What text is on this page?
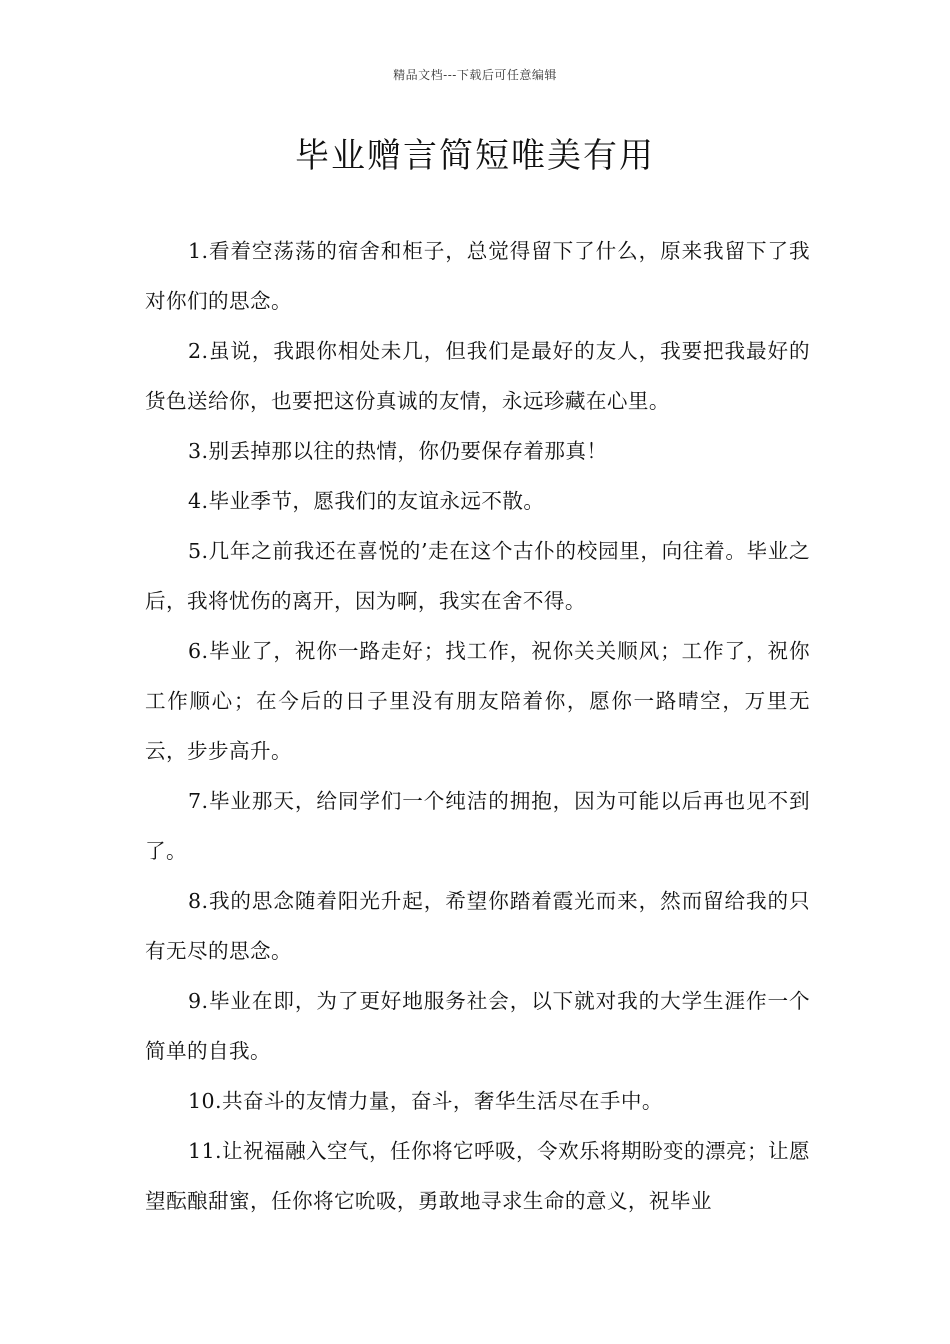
精品文档---下载后可任意编辑
毕业赠言简短唯美有用

1.看着空荡荡的宿舍和柜子，总觉得留下了什么，原来我留下了我对你们的思念。

2.虽说，我跟你相处未几，但我们是最好的友人，我要把我最好的货色送给你，也要把这份真诚的友情，永远珍藏在心里。

3.别丢掉那以往的热情，你仍要保存着那真！

4.毕业季节，愿我们的友谊永远不散。

5.几年之前我还在喜悦的’走在这个古仆的校园里，向往着。毕业之后，我将忧伤的离开，因为啊，我实在舍不得。

6.毕业了，祝你一路走好；找工作，祝你关关顺风；工作了，祝你工作顺心；在今后的日子里没有朋友陪着你，愿你一路晴空，万里无云，步步高升。

7.毕业那天，给同学们一个纯洁的拥抱，因为可能以后再也见不到了。

8.我的思念随着阳光升起，希望你踏着霞光而来，然而留给我的只有无尽的思念。

9.毕业在即，为了更好地服务社会，以下就对我的大学生涯作一个简单的自我。

10.共奋斗的友情力量，奋斗，奢华生活尽在手中。

11.让祝福融入空气，任你将它呼吸，令欢乐将期盼变的漂亮；让愿望酝酿甜蜜，任你将它吮吸，勇敢地寻求生命的意义，祝毕业
